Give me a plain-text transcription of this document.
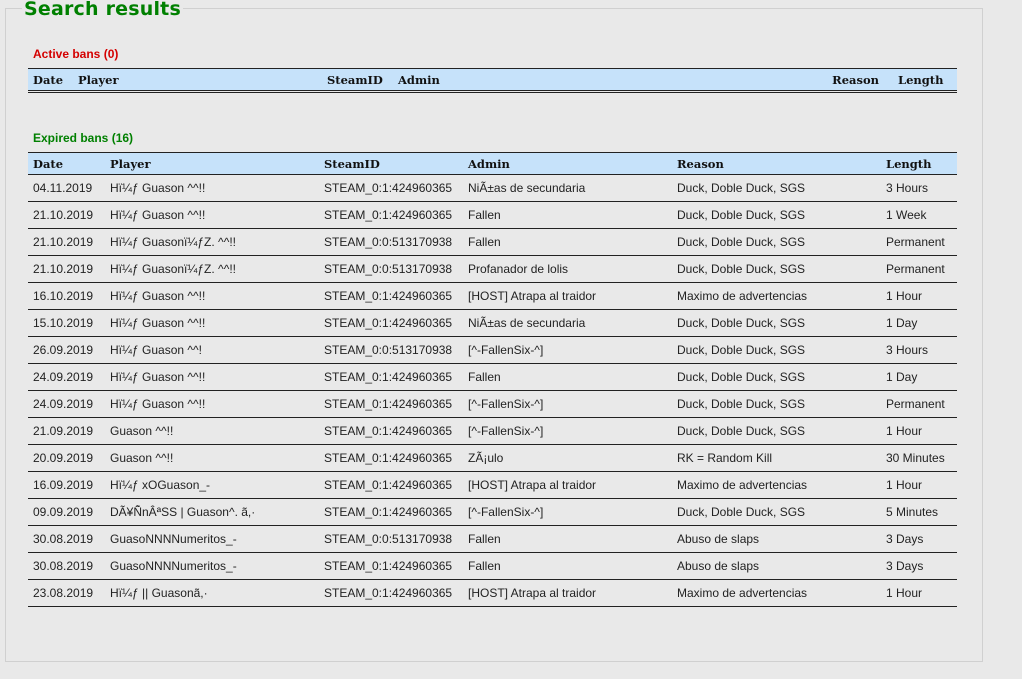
Search results
Active bans (0)
Date	Player	SteamID	Admin	Reason	Length

Expired bans (16)
Date	Player	SteamID	Admin	Reason	Length
04.11.2019	Hï¼ƒ Guason ^^!!	STEAM_0:1:424960365	NiÃ±as de secundaria	Duck, Doble Duck, SGS	3 Hours
21.10.2019	Hï¼ƒ Guason ^^!!	STEAM_0:1:424960365	Fallen	Duck, Doble Duck, SGS	1 Week
21.10.2019	Hï¼ƒ Guasonï¼ƒZ. ^^!!	STEAM_0:0:513170938	Fallen	Duck, Doble Duck, SGS	Permanent
21.10.2019	Hï¼ƒ Guasonï¼ƒZ. ^^!!	STEAM_0:0:513170938	Profanador de lolis	Duck, Doble Duck, SGS	Permanent
16.10.2019	Hï¼ƒ Guason ^^!!	STEAM_0:1:424960365	[HOST] Atrapa al traidor	Maximo de advertencias	1 Hour
15.10.2019	Hï¼ƒ Guason ^^!!	STEAM_0:1:424960365	NiÃ±as de secundaria	Duck, Doble Duck, SGS	1 Day
26.09.2019	Hï¼ƒ Guason ^^!	STEAM_0:0:513170938	[^-FallenSix-^]	Duck, Doble Duck, SGS	3 Hours
24.09.2019	Hï¼ƒ Guason ^^!!	STEAM_0:1:424960365	Fallen	Duck, Doble Duck, SGS	1 Day
24.09.2019	Hï¼ƒ Guason ^^!!	STEAM_0:1:424960365	[^-FallenSix-^]	Duck, Doble Duck, SGS	Permanent
21.09.2019	Guason ^^!!	STEAM_0:1:424960365	[^-FallenSix-^]	Duck, Doble Duck, SGS	1 Hour
20.09.2019	Guason ^^!!	STEAM_0:1:424960365	ZÃ¡ulo	RK = Random Kill	30 Minutes
16.09.2019	Hï¼ƒ xOGuason_-	STEAM_0:1:424960365	[HOST] Atrapa al traidor	Maximo de advertencias	1 Hour
09.09.2019	DÃ¥Ñ̂nÂªSS | Guason^. ã,·	STEAM_0:1:424960365	[^-FallenSix-^]	Duck, Doble Duck, SGS	5 Minutes
30.08.2019	GuasoNNNNumeritos_-	STEAM_0:0:513170938	Fallen	Abuso de slaps	3 Days
30.08.2019	GuasoNNNNumeritos_-	STEAM_0:1:424960365	Fallen	Abuso de slaps	3 Days
23.08.2019	Hï¼ƒ || Guasonã,·	STEAM_0:1:424960365	[HOST] Atrapa al traidor	Maximo de advertencias	1 Hour
